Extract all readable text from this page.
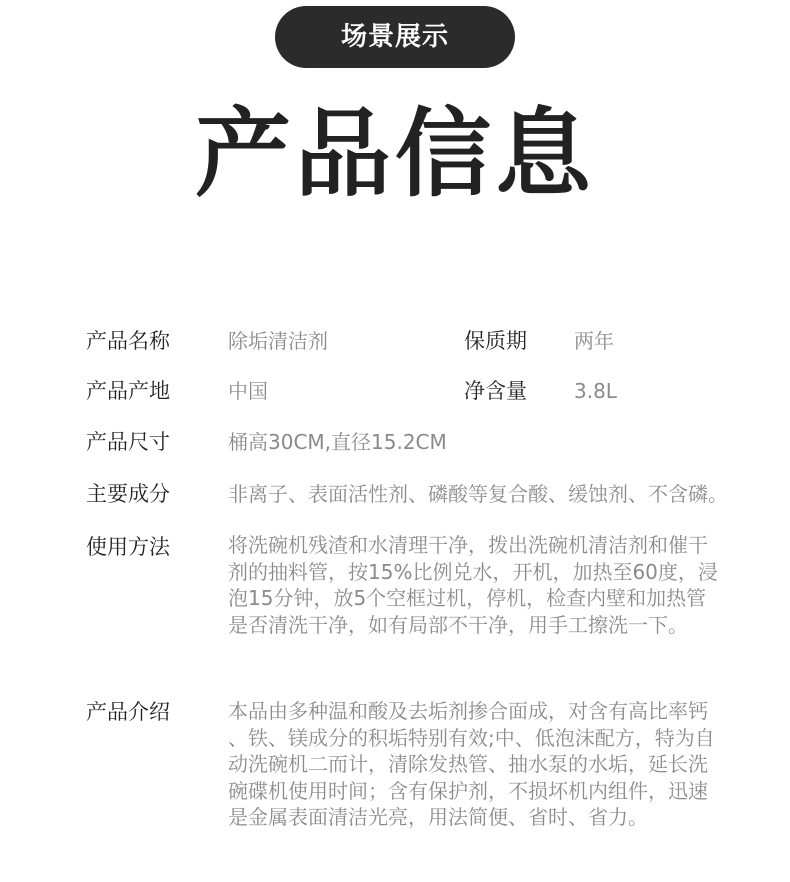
场景展示
产品信息
产品名称	除垢清洁剂	保质期 两年
产品产地	中国	净含量 3.8L
产品尺寸	桶高30CM,直径15.2CM
主要成分	非离子、表面活性剂、磷酸等复合酸、缓蚀剂、不含磷。
使用方法	将洗碗机残渣和水清理干净，拨出洗碗机清洁剂和催干
剂的抽料管，按15%比例兑水，开机，加热至60度，浸
泡15分钟，放5个空框过机，停机，检查内壁和加热管
是否清洗干净，如有局部不干净，用手工擦洗一下。
产品介绍	本品由多种温和酸及去垢剂掺合面成，对含有高比率钙
、铁、镁成分的积垢特别有效;中、低泡沫配方，特为自
动洗碗机二而计，清除发热管、抽水泵的水垢，延长洗
碗碟机使用时间；含有保护剂，不损坏机内组件，迅速
是金属表面清洁光亮，用法简便、省时、省力。
